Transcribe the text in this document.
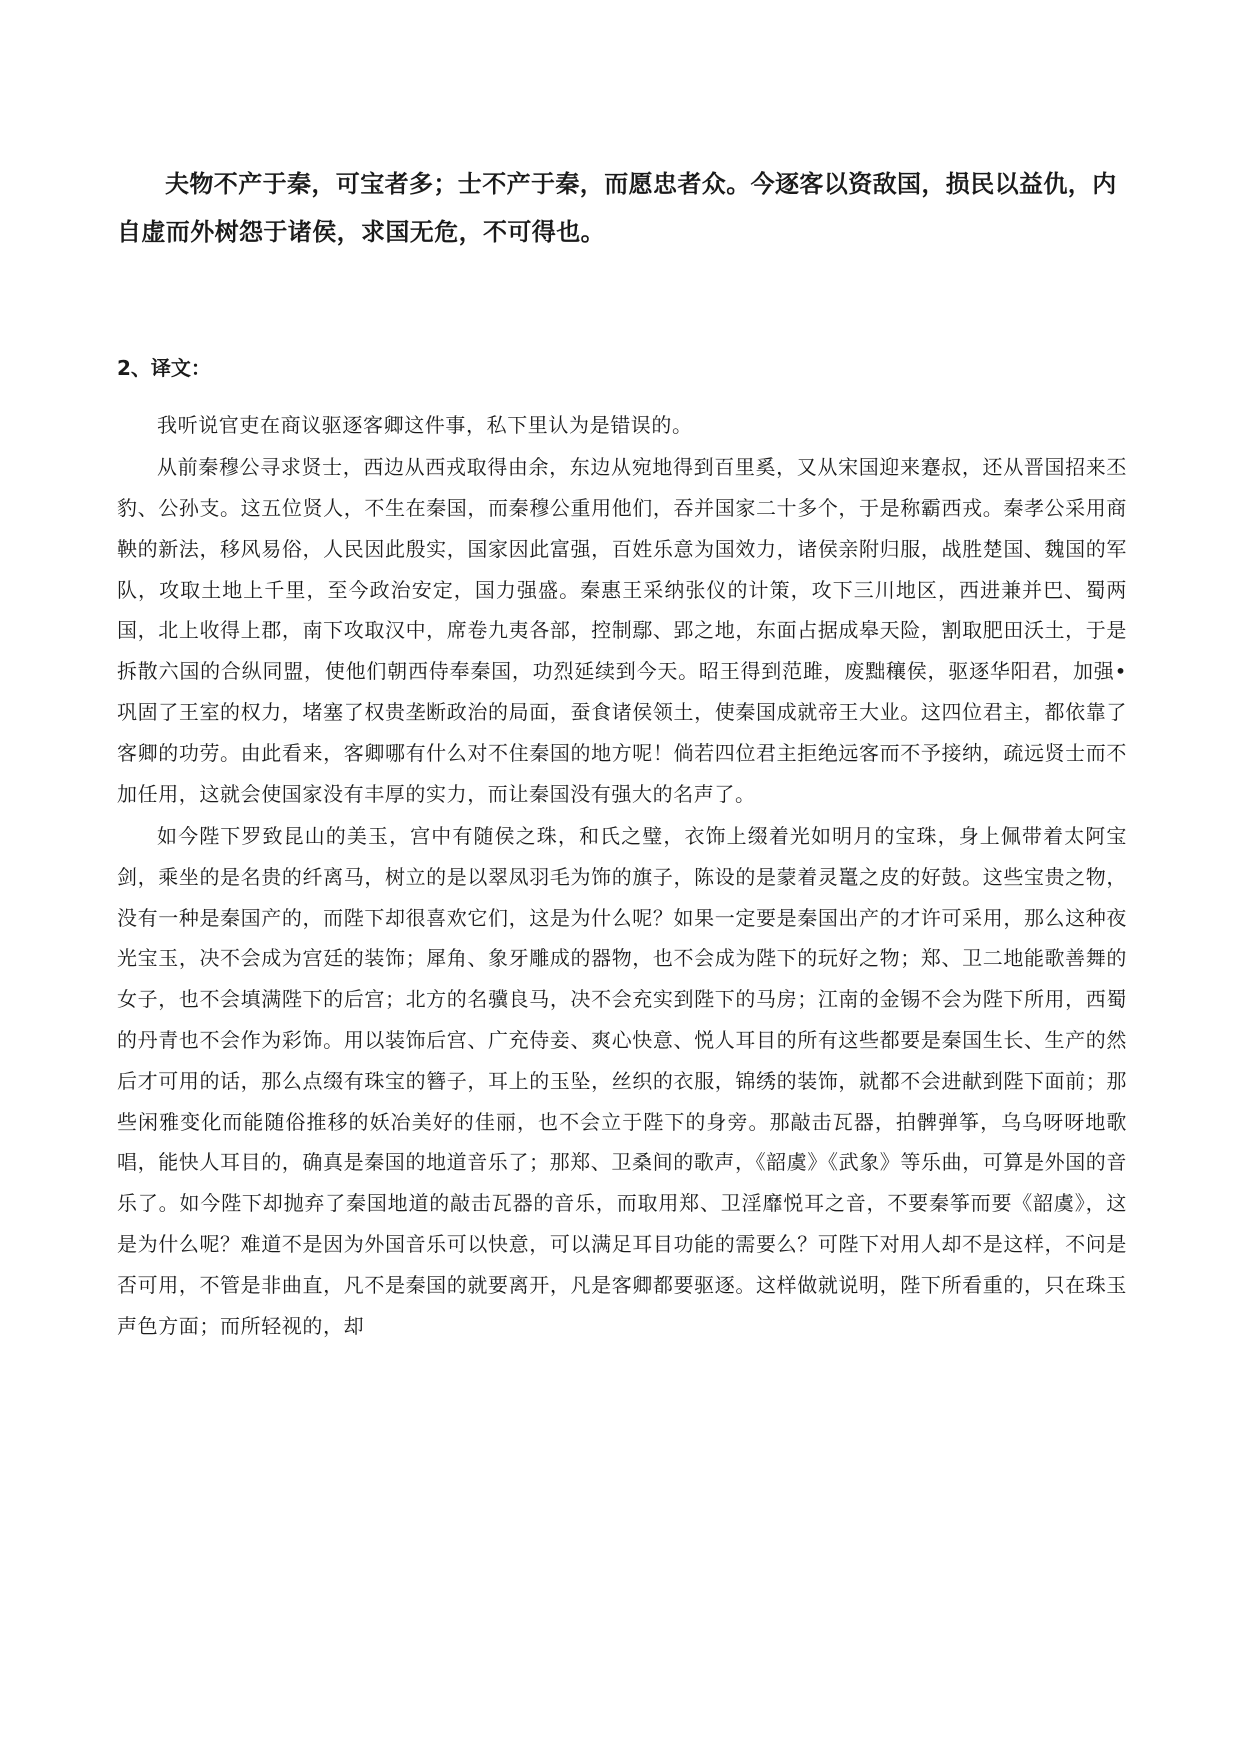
夫物不产于秦，可宝者多；士不产于秦，而愿忠者众。今逐客以资敌国，损民以益仇，内自虚而外树怨于诸侯，求国无危，不可得也。

2、译文：

我听说官吏在商议驱逐客卿这件事，私下里认为是错误的。

从前秦穆公寻求贤士，西边从西戎取得由余，东边从宛地得到百里奚，又从宋国迎来蹇叔，还从晋国招来丕豹、公孙支。这五位贤人，不生在秦国，而秦穆公重用他们，吞并国家二十多个，于是称霸西戎。秦孝公采用商鞅的新法，移风易俗，人民因此殷实，国家因此富强，百姓乐意为国效力，诸侯亲附归服，战胜楚国、魏国的军队，攻取土地上千里，至今政治安定，国力强盛。秦惠王采纳张仪的计策，攻下三川地区，西进兼并巴、蜀两国，北上收得上郡，南下攻取汉中，席卷九夷各部，控制鄢、郢之地，东面占据成皋天险，割取肥田沃土，于是拆散六国的合纵同盟，使他们朝西侍奉秦国，功烈延续到今天。昭王得到范雎，废黜穰侯，驱逐华阳君，加强•巩固了王室的权力，堵塞了权贵垄断政治的局面，蚕食诸侯领土，使秦国成就帝王大业。这四位君主，都依靠了客卿的功劳。由此看来，客卿哪有什么对不住秦国的地方呢！倘若四位君主拒绝远客而不予接纳，疏远贤士而不加任用，这就会使国家没有丰厚的实力，而让秦国没有强大的名声了。

如今陛下罗致昆山的美玉，宫中有随侯之珠，和氏之璧，衣饰上缀着光如明月的宝珠，身上佩带着太阿宝剑，乘坐的是名贵的纤离马，树立的是以翠凤羽毛为饰的旗子，陈设的是蒙着灵鼍之皮的好鼓。这些宝贵之物，没有一种是秦国产的，而陛下却很喜欢它们，这是为什么呢？如果一定要是秦国出产的才许可采用，那么这种夜光宝玉，决不会成为宫廷的装饰；犀角、象牙雕成的器物，也不会成为陛下的玩好之物；郑、卫二地能歌善舞的女子，也不会填满陛下的后宫；北方的名骥良马，决不会充实到陛下的马房；江南的金锡不会为陛下所用，西蜀的丹青也不会作为彩饰。用以装饰后宫、广充侍妾、爽心快意、悦人耳目的所有这些都要是秦国生长、生产的然后才可用的话，那么点缀有珠宝的簪子，耳上的玉坠，丝织的衣服，锦绣的装饰，就都不会进献到陛下面前；那些闲雅变化而能随俗推移的妖冶美好的佳丽，也不会立于陛下的身旁。那敲击瓦器，拍髀弹筝，乌乌呀呀地歌唱，能快人耳目的，确真是秦国的地道音乐了；那郑、卫桑间的歌声，《韶虞》《武象》等乐曲，可算是外国的音乐了。如今陛下却抛弃了秦国地道的敲击瓦器的音乐，而取用郑、卫淫靡悦耳之音，不要秦筝而要《韶虞》，这是为什么呢？难道不是因为外国音乐可以快意，可以满足耳目功能的需要么？可陛下对用人却不是这样，不问是否可用，不管是非曲直，凡不是秦国的就要离开，凡是客卿都要驱逐。这样做就说明，陛下所看重的，只在珠玉声色方面；而所轻视的，却
